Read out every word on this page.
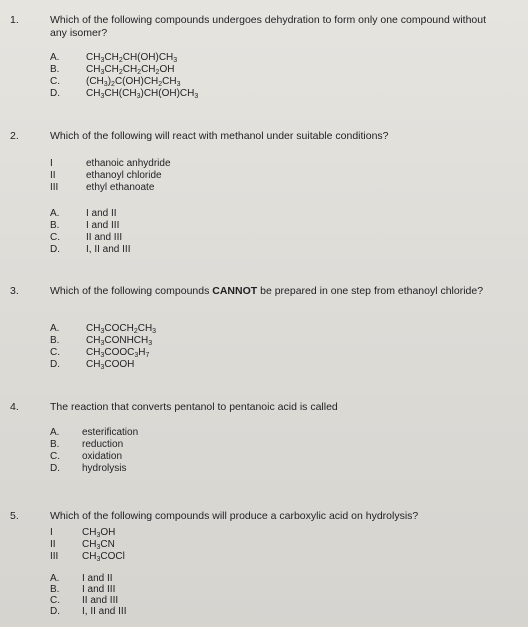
1.	Which of the following compounds undergoes dehydration to form only one compound without any isomer?
A.	$CH_3CH_2CH(OH)CH_3$
B.	$CH_3CH_2CH_2CH_2OH$
C.	$(CH_3)_2C(OH)CH_2CH_3$
D.	$CH_3CH(CH_3)CH(OH)CH_3$
2.	Which of the following will react with methanol under suitable conditions?
I	ethanoic anhydride
II	ethanoyl chloride
III	ethyl ethanoate
A.	I and II
B.	I and III
C.	II and III
D.	I, II and III
3.	Which of the following compounds CANNOT be prepared in one step from ethanoyl chloride?
A.	$CH_3COCH_2CH_3$
B.	$CH_3CONHCH_3$
C.	$CH_3COOC_3H_7$
D.	$CH_3COOH$
4.	The reaction that converts pentanol to pentanoic acid is called
A. esterification
B. reduction
C. oxidation
D. hydrolysis
5.	Which of the following compounds will produce a carboxylic acid on hydrolysis?
I	$CH_3OH$
II	$CH_3CN$
III $CH_3COCl$
A. I and II
B. I and III
C. II and III
D. I, II and III
